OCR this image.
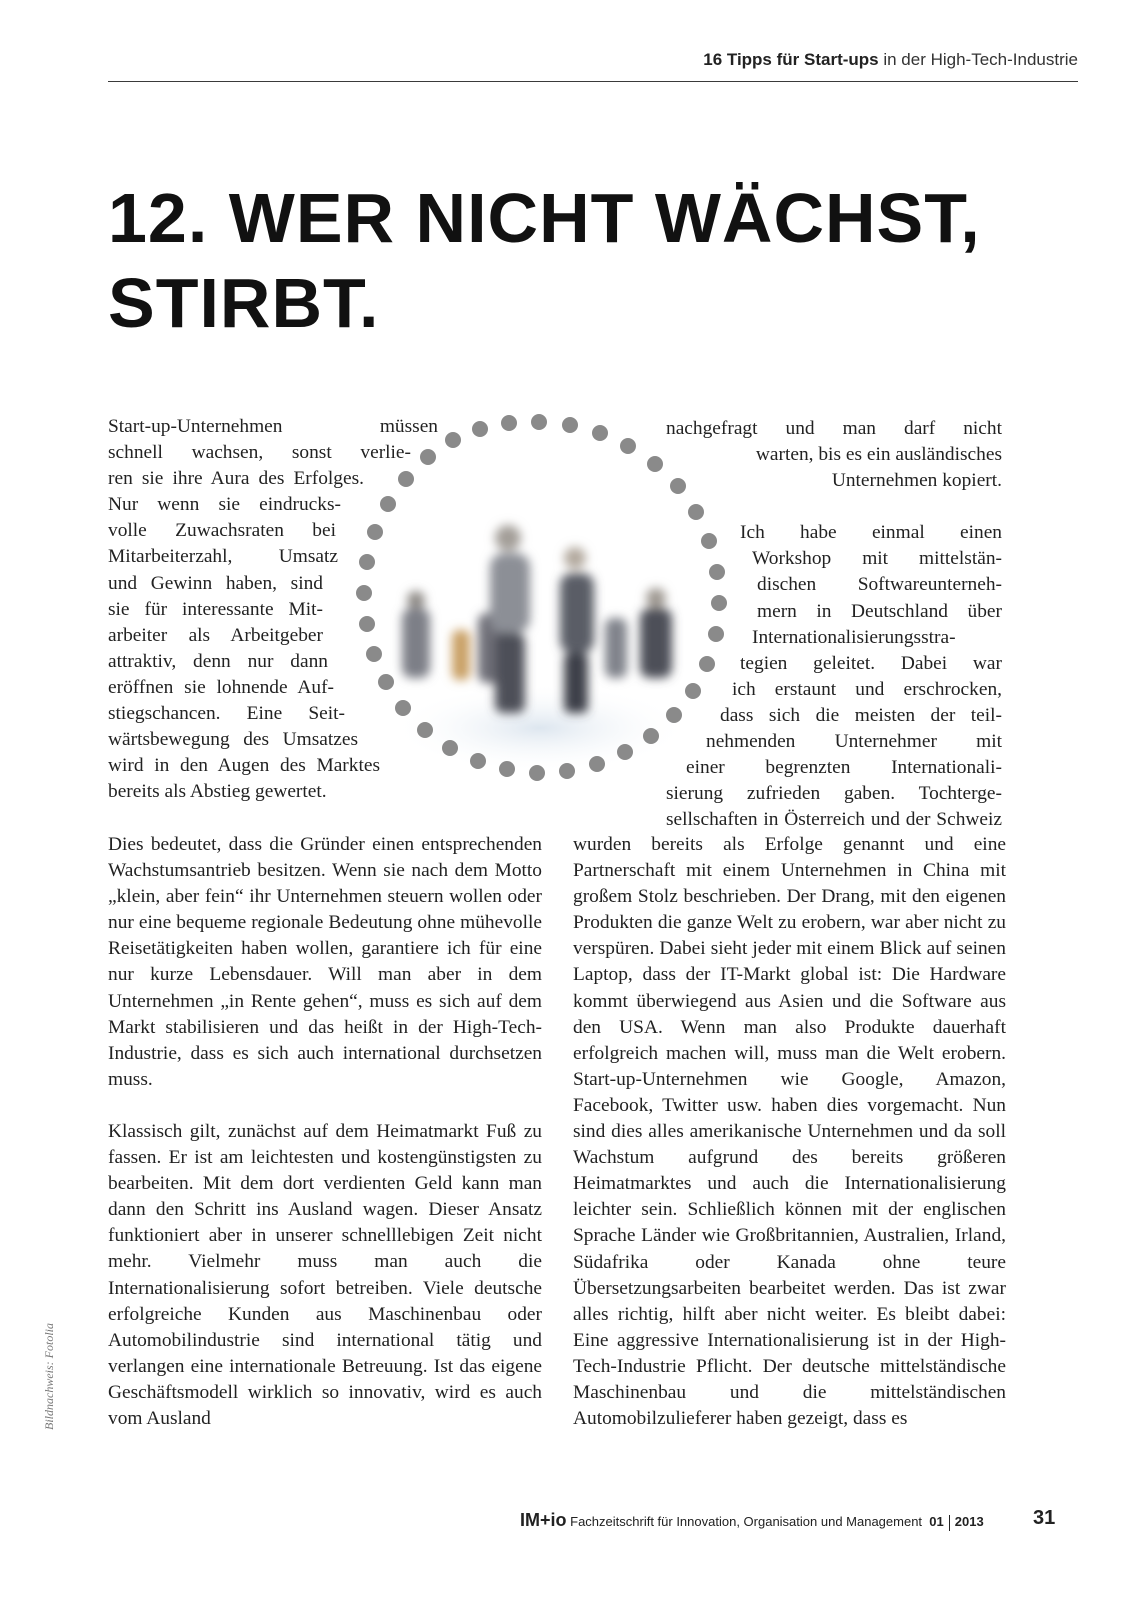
16 Tipps für Start-ups in der High-Tech-Industrie
12. WER NICHT WÄCHST,
STIRBT.
Start-up-Unternehmen müssen
schnell wachsen, sonst verlie-
ren sie ihre Aura des Erfolges.
Nur wenn sie eindrucks-
volle Zuwachsraten bei
Mitarbeiterzahl, Umsatz
und Gewinn haben, sind
sie für interessante Mit-
arbeiter als Arbeitgeber
attraktiv, denn nur dann
eröffnen sie lohnende Auf-
stiegschancen. Eine Seit-
wärtsbewegung des Umsatzes
wird in den Augen des Marktes
bereits als Abstieg gewertet.
nachgefragt und man darf nicht
warten, bis es ein ausländisches
Unternehmen kopiert.
Ich habe einmal einen
Workshop mit mittelstän-
dischen Softwareunterneh-
mern in Deutschland über
Internationalisierungsstra-
tegien geleitet. Dabei war
ich erstaunt und erschrocken,
dass sich die meisten der teil-
nehmenden Unternehmer mit
einer begrenzten Internationali-
sierung zufrieden gaben. Tochterge-
sellschaften in Österreich und der Schweiz

Dies bedeutet, dass die Gründer einen entsprechenden Wachstumsantrieb besitzen. Wenn sie nach dem Motto „klein, aber fein“ ihr Unternehmen steuern wollen oder nur eine bequeme regionale Bedeutung ohne mühevolle Reisetätigkeiten haben wollen, garantiere ich für eine nur kurze Lebensdauer. Will man aber in dem Unternehmen „in Rente gehen“, muss es sich auf dem Markt stabilisieren und das heißt in der High-Tech-Industrie, dass es sich auch international durchsetzen muss.

Klassisch gilt, zunächst auf dem Heimatmarkt Fuß zu fassen. Er ist am leichtesten und kostengünstigsten zu bearbeiten. Mit dem dort verdienten Geld kann man dann den Schritt ins Ausland wagen. Dieser Ansatz funktioniert aber in unserer schnelllebigen Zeit nicht mehr. Vielmehr muss man auch die Internationalisierung sofort betreiben. Viele deutsche erfolgreiche Kunden aus Maschinenbau oder Automobilindustrie sind international tätig und verlangen eine internationale Betreuung. Ist das eigene Geschäftsmodell wirklich so innovativ, wird es auch vom Ausland

wurden bereits als Erfolge genannt und eine Partnerschaft mit einem Unternehmen in China mit großem Stolz beschrieben. Der Drang, mit den eigenen Produkten die ganze Welt zu erobern, war aber nicht zu verspüren. Dabei sieht jeder mit einem Blick auf seinen Laptop, dass der IT-Markt global ist: Die Hardware kommt überwiegend aus Asien und die Software aus den USA. Wenn man also Produkte dauerhaft erfolgreich machen will, muss man die Welt erobern. Start-up-Unternehmen wie Google, Amazon, Facebook, Twitter usw. haben dies vorgemacht. Nun sind dies alles amerikanische Unternehmen und da soll Wachstum aufgrund des bereits größeren Heimatmarktes und auch die Internationalisierung leichter sein. Schließlich können mit der englischen Sprache Länder wie Großbritannien, Australien, Irland, Südafrika oder Kanada ohne teure Übersetzungsarbeiten bearbeitet werden. Das ist zwar alles richtig, hilft aber nicht weiter. Es bleibt dabei: Eine aggressive Internationalisierung ist in der High-Tech-Industrie Pflicht. Der deutsche mittelständische Maschinenbau und die mittelständischen Automobilzulieferer haben gezeigt, dass es

Bildnachweis: Fotolia
IM+io Fachzeitschrift für Innovation, Organisation und Management 01 2013	31
